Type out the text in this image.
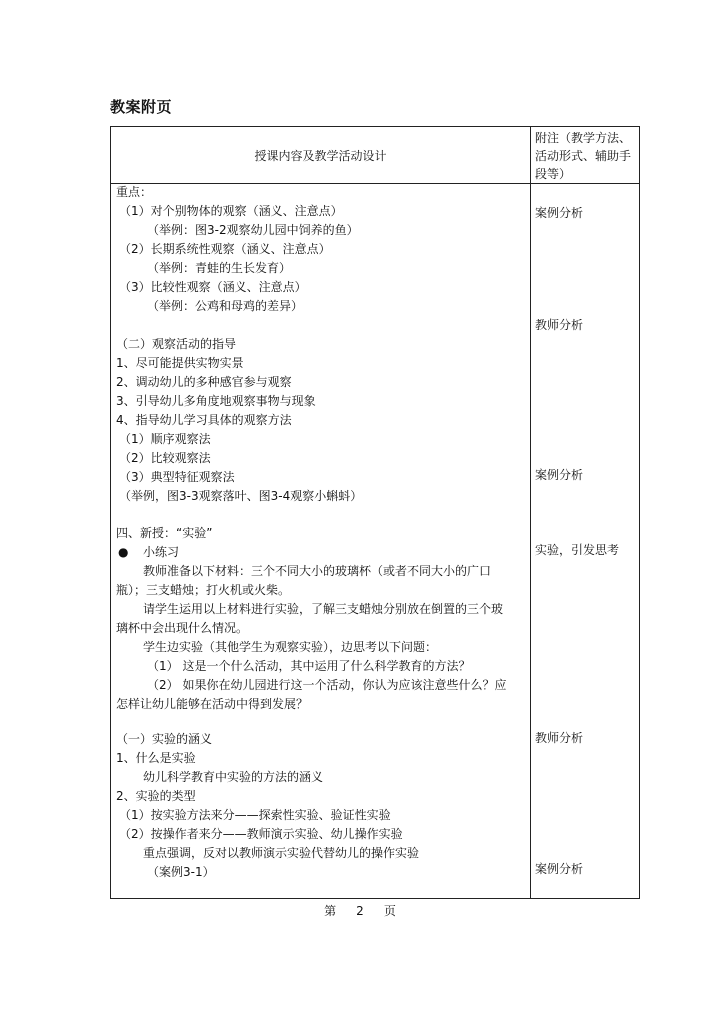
教案附页
授课内容及教学活动设计
附注（教学方法、活动形式、辅助手段等）
重点：
（1）对个别物体的观察（涵义、注意点）
（举例：图3-2观察幼儿园中饲养的鱼）
（2）长期系统性观察（涵义、注意点）
（举例：青蛙的生长发育）
（3）比较性观察（涵义、注意点）
（举例：公鸡和母鸡的差异）
（二）观察活动的指导
1、尽可能提供实物实景
2、调动幼儿的多种感官参与观察
3、引导幼儿多角度地观察事物与现象
4、指导幼儿学习具体的观察方法
（1）顺序观察法
（2）比较观察法
（3）典型特征观察法
（举例，图3-3观察落叶、图3-4观察小蝌蚪）
四、新授：“实验”
● 小练习
教师准备以下材料：三个不同大小的玻璃杯（或者不同大小的广口
瓶）；三支蜡烛；打火机或火柴。
请学生运用以上材料进行实验，了解三支蜡烛分别放在倒置的三个玻
璃杯中会出现什么情况。
学生边实验（其他学生为观察实验），边思考以下问题：
（1） 这是一个什么活动，其中运用了什么科学教育的方法？
（2） 如果你在幼儿园进行这一个活动，你认为应该注意些什么？应
怎样让幼儿能够在活动中得到发展？
（一）实验的涵义
1、什么是实验
幼儿科学教育中实验的方法的涵义
2、实验的类型
（1）按实验方法来分——探索性实验、验证性实验
（2）按操作者来分——教师演示实验、幼儿操作实验
重点强调，反对以教师演示实验代替幼儿的操作实验
（案例3-1）
案例分析
教师分析
案例分析
实验，引发思考
教师分析
案例分析
第 2 页
